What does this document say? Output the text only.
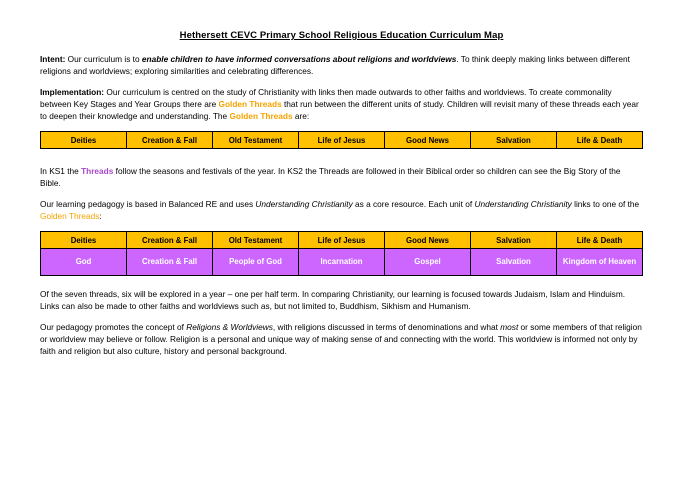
Hethersett CEVC Primary School Religious Education Curriculum Map

Intent: Our curriculum is to enable children to have informed conversations about religions and worldviews. To think deeply making links between different religions and worldviews; exploring similarities and celebrating differences.

Implementation: Our curriculum is centred on the study of Christianity with links then made outwards to other faiths and worldviews. To create commonality between Key Stages and Year Groups there are Golden Threads that run between the different units of study. Children will revisit many of these threads each year to deepen their knowledge and understanding. The Golden Threads are:

Deities	Creation & Fall	Old Testament	Life of Jesus	Good News	Salvation	Life & Death

In KS1 the Threads follow the seasons and festivals of the year. In KS2 the Threads are followed in their Biblical order so children can see the Big Story of the Bible.

Our learning pedagogy is based in Balanced RE and uses Understanding Christianity as a core resource. Each unit of Understanding Christianity links to one of the Golden Threads:

Deities	Creation & Fall	Old Testament	Life of Jesus	Good News	Salvation	Life & Death
God	Creation & Fall	People of God	Incarnation	Gospel	Salvation	Kingdom of Heaven

Of the seven threads, six will be explored in a year – one per half term. In comparing Christianity, our learning is focused towards Judaism, Islam and Hinduism. Links can also be made to other faiths and worldviews such as, but not limited to, Buddhism, Sikhism and Humanism.

Our pedagogy promotes the concept of Religions & Worldviews, with religions discussed in terms of denominations and what most or some members of that religion or worldview may believe or follow. Religion is a personal and unique way of making sense of and connecting with the world. This worldview is informed not only by faith and religion but also culture, history and personal background.
